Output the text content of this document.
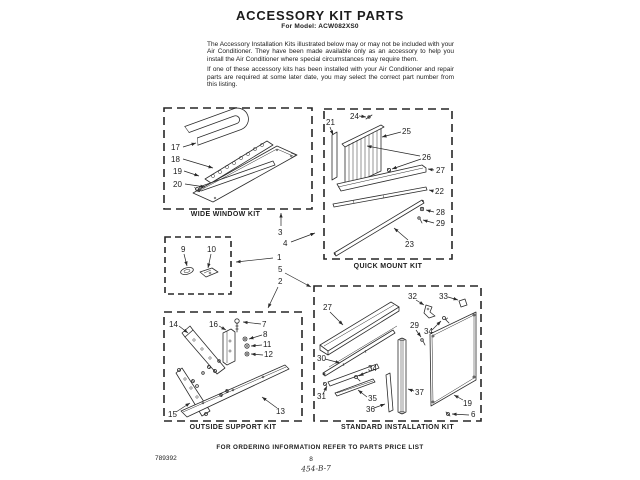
ACCESSORY KIT PARTS
For Model: ACW082XS0

The Accessory Installation Kits illustrated below may or may not be included with your Air Conditioner. They have been made available only as an accessory to help you install the Air Conditioner where special circumstances may require them.

If one of these accessory kits has been installed with your Air Conditioner and repair parts are required at some later date, you may select the correct part number from this listing.

17
18
19
20
WIDE WINDOW KIT
21
24
25
26
27
22
28
29
23
QUICK MOUNT KIT
9	10
3
4
1
5
2
14	16	7
8
11
12
15	13
OUTSIDE SUPPORT KIT
27
32	33
29
34
30
34
31	35
36
37
19
6
STANDARD INSTALLATION KIT
FOR ORDERING INFORMATION REFER TO PARTS PRICE LIST
789392	8
454-B-7
